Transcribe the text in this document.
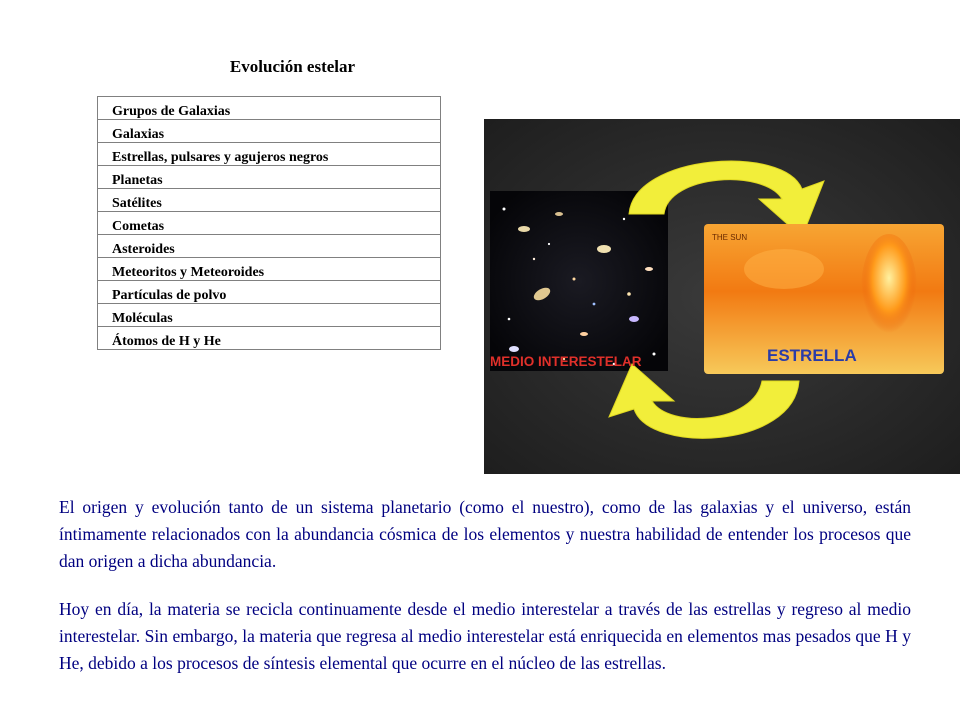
Evolución estelar
Grupos de Galaxias
Galaxias
Estrellas, pulsares y agujeros negros
Planetas
Satélites
Cometas
Asteroides
Meteoritos y Meteoroides
Partículas de polvo
Moléculas
Átomos de H y He
THE SUN
MEDIO INTERESTELAR	ESTRELLA
El origen y evolución tanto de un sistema planetario (como el nuestro), como de las galaxias y el universo, están íntimamente relacionados con la abundancia cósmica de los elementos y nuestra habilidad de entender los procesos que dan origen a dicha abundancia.
Hoy en día, la materia se recicla continuamente desde el medio interestelar a través de las estrellas y regreso al medio interestelar. Sin embargo, la materia que regresa al medio interestelar está enriquecida en elementos mas pesados que H y He, debido a los procesos de síntesis elemental que ocurre en el núcleo de las estrellas.
